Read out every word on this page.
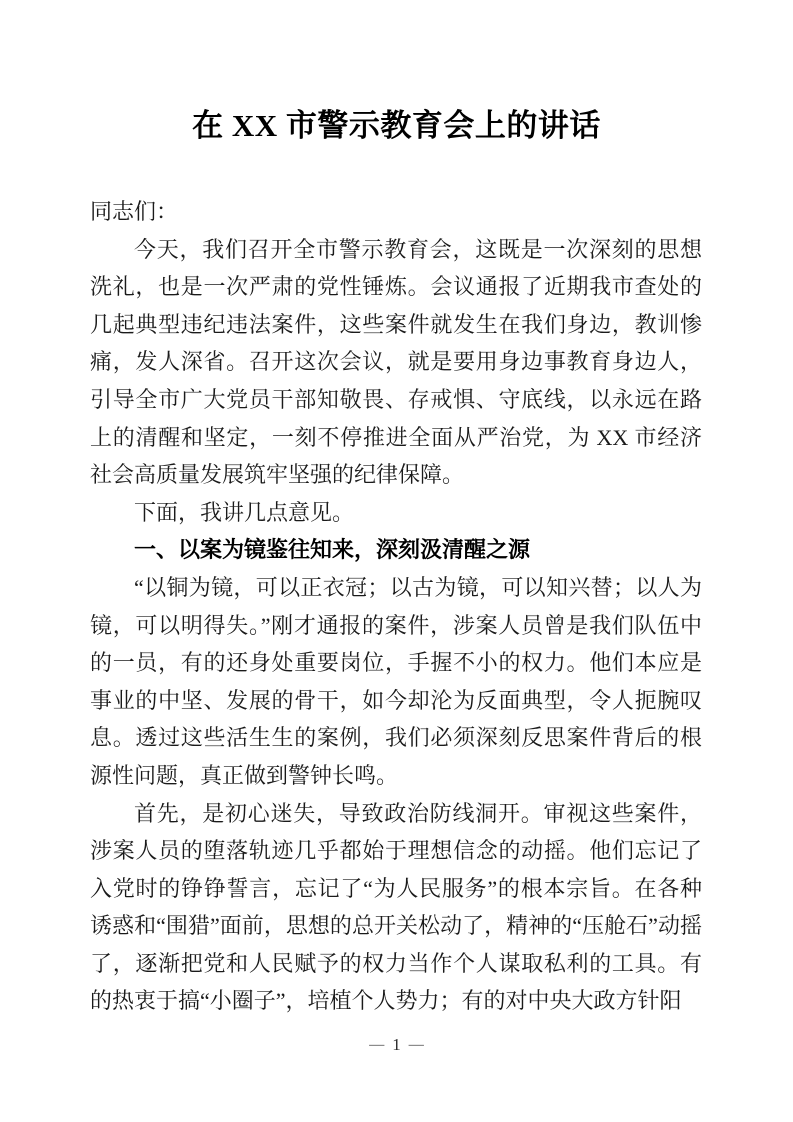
在 XX 市警示教育会上的讲话

同志们：

今天，我们召开全市警示教育会，这既是一次深刻的思想洗礼，也是一次严肃的党性锤炼。会议通报了近期我市查处的几起典型违纪违法案件，这些案件就发生在我们身边，教训惨痛，发人深省。召开这次会议，就是要用身边事教育身边人，引导全市广大党员干部知敬畏、存戒惧、守底线，以永远在路上的清醒和坚定，一刻不停推进全面从严治党，为 XX 市经济社会高质量发展筑牢坚强的纪律保障。

下面，我讲几点意见。

一、以案为镜鉴往知来，深刻汲清醒之源

“以铜为镜，可以正衣冠；以古为镜，可以知兴替；以人为镜，可以明得失。”刚才通报的案件，涉案人员曾是我们队伍中的一员，有的还身处重要岗位，手握不小的权力。他们本应是事业的中坚、发展的骨干，如今却沦为反面典型，令人扼腕叹息。透过这些活生生的案例，我们必须深刻反思案件背后的根源性问题，真正做到警钟长鸣。

首先，是初心迷失，导致政治防线洞开。审视这些案件，涉案人员的堕落轨迹几乎都始于理想信念的动摇。他们忘记了入党时的铮铮誓言，忘记了“为人民服务”的根本宗旨。在各种诱惑和“围猎”面前，思想的总开关松动了，精神的“压舱石”动摇了，逐渐把党和人民赋予的权力当作个人谋取私利的工具。有的热衷于搞“小圈子”，培植个人势力；有的对中央大政方针阳

— 1 —
